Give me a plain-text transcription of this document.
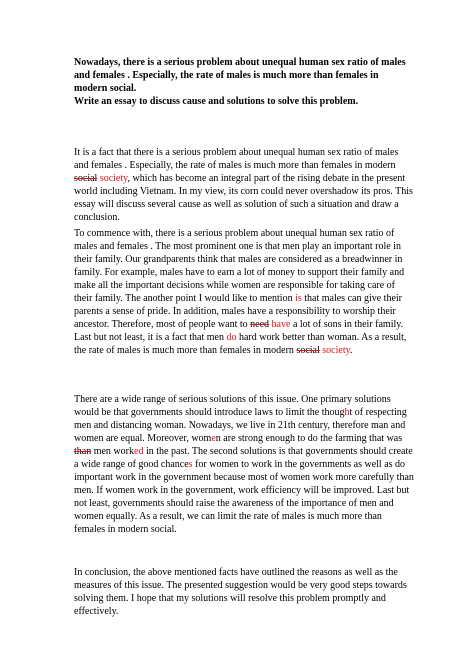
Nowadays, there is a serious problem about unequal human sex ratio of males and females . Especially, the rate of males is much more than females in modern social.

Write an essay to discuss cause and solutions to solve this problem.

It is a fact that there is a serious problem about unequal human sex ratio of males and females . Especially, the rate of males is much more than females in modern social society, which has become an integral part of the rising debate in the present world including Vietnam. In my view, its corn could never overshadow its pros. This essay will discuss several cause as well as solution of such a situation and draw a conclusion.

To commence with, there is a serious problem about unequal human sex ratio of males and females . The most prominent one is that men play an important role in their family. Our grandparents think that males are considered as a breadwinner in family. For example, males have to earn a lot of money to support their family and make all the important decisions while women are responsible for taking care of their family. The another point I would like to mention is that males can give their parents a sense of pride. In addition, males have a responsibility to worship their ancestor. Therefore, most of people want to need have a lot of sons in their family. Last but not least, it is a fact that men do hard work better than woman. As a result, the rate of males is much more than females in modern social society.

There are a wide range of serious solutions of this issue. One primary solutions would be that governments should introduce laws to limit the thought of respecting men and distancing woman. Nowadays, we live in 21th century, therefore man and women are equal. Moreover, women are strong enough to do the farming that was than men worked in the past. The second solutions is that governments should create a wide range of good chances for women to work in the governments as well as do important work in the government because most of women work more carefully than men. If women work in the government, work efficiency will be improved. Last but not least, governments should raise the awareness of the importance of men and women equally. As a result, we can limit the rate of males is much more than females in modern social.

In conclusion, the above mentioned facts have outlined the reasons as well as the measures of this issue. The presented suggestion would be very good steps towards solving them. I hope that my solutions will resolve this problem promptly and effectively.
